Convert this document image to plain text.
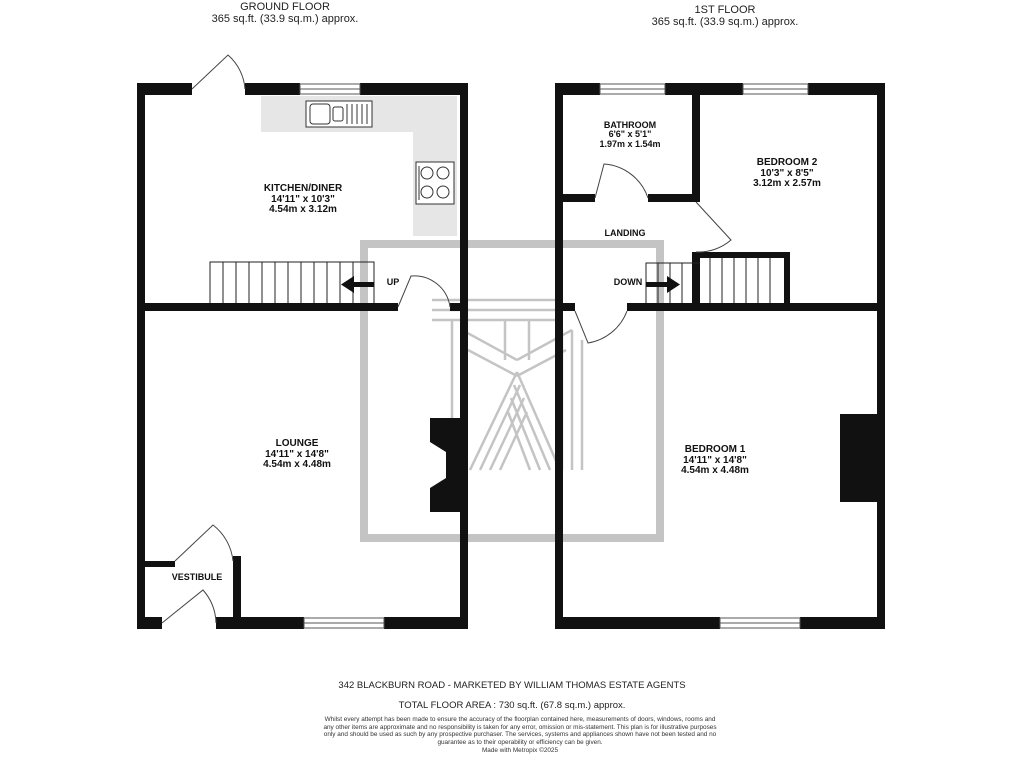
GROUND FLOOR
365 sq.ft. (33.9 sq.m.) approx.
1ST FLOOR
365 sq.ft. (33.9 sq.m.) approx.
KITCHEN/DINER
14'11" x 10'3"
4.54m x 3.12m
LOUNGE
14'11" x 14'8"
4.54m x 4.48m
VESTIBULE
UP
BATHROOM
6'6" x 5'1"
1.97m x 1.54m
BEDROOM 2
10'3" x 8'5"
3.12m x 2.57m
LANDING
BEDROOM 1
14'11" x 14'8"
4.54m x 4.48m
DOWN
342 BLACKBURN ROAD - MARKETED BY WILLIAM THOMAS ESTATE AGENTS
TOTAL FLOOR AREA : 730 sq.ft. (67.8 sq.m.) approx.
Whilst every attempt has been made to ensure the accuracy of the floorplan contained here, measurements of doors, windows, rooms and any other items are approximate and no responsibility is taken for any error, omission or mis-statement. This plan is for illustrative purposes only and should be used as such by any prospective purchaser. The services, systems and appliances shown have not been tested and no guarantee as to their operability or efficiency can be given.
Made with Metropix ©2025
